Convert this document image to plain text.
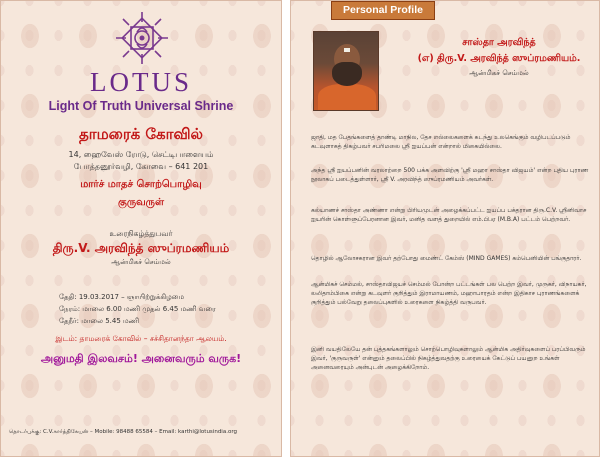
LOTUS
Light Of Truth Universal Shrine
தாமரைக் கோவில்
14, ஹைவேஸ் ரோடு, செட்டிபாளையம்
போத்தனூர்வழி, கோவை – 641 201
மார்ச் மாதச் சொற்பொழிவு
குருவருள்
உரைநிகழ்த்துபவர்
திரு.V. அரவிந்த் ஸுப்ரமணியம்
ஆன்மிகச் செம்மல்
தேதி: 19.03.2017 – ஞாயிற்றுக்கிழமை
நேரம்: மாலை 6.00 மணி முதல் 6.45 மணி வரை
தேநீர்: மாலை 5.45 மணி
இடம்: தாமரைக் கோவில் – சச்சிதானந்தா ஆலயம்.
அனுமதி இலவசம்! அனைவரும் வருக!
தொடர்புக்கு: C.V.கார்த்திகேயன் – Mobile: 98488 65584 – Email: karthi@lotusindia.org
Personal Profile
சாஸ்தா அரவிந்த்
(எ) திரு.V. அரவிந்த் ஸுப்ரமணியம்.
ஆன்மிகச் செம்மல்
ஜாதி, மத பேதங்களைத் தாண்டி மாநில, தேச எல்லைகளைக் கடந்து உலகெங்கும் வழிபடப்படும் கடவுளாகத் திகழ்பவர் சபரிமலை ஸ்ரீ ஐயப்பன் என்றால் மிகையில்லை.
அந்த ஸ்ரீ ஐயப்பனின் வரலாற்றை 500 பக்க அளவிற்கு 'ஸ்ரீ மஹா சாஸ்தா விஜயம்' என்ற புதிய புராண நூலாகப் படைத்துள்ளார், ஸ்ரீ V. அரவிந்த் ஸுப்ரமணியம் அவர்கள்.
கல்யாணச் சாஸ்தா அண்ணா என்று பிரியமுடன் அழைக்கப்பட்ட ஐயப்ப பக்தரான திரு.C.V. ஸ்ரீனிவாச ஐயரின் கொள்ளுப்பேரனான இவர், மனித வளத் துறையில் எம்.பி.ஏ (M.B.A) பட்டம் பெற்றவர்.
தொழில் ஆலோசகரான இவர் தற்போது மைண்ட் கேம்ஸ் (MIND GAMES) கம்பெனியின் பங்குதாரர்.
ஆன்மிகச் செம்மல், சாஸ்தாவிஜயச் செம்மல் போன்ற பட்டங்கள் பல பெற்ற இவர், முருகர், விநாயகர், லலிதாம்பிகை என்று கடவுளர் குறித்தும் இராமாயணம், மஹாபாரதம் என்ற இதிகாச புராணங்களைக் குறித்தும் பல்வேறு தலைப்புகளில் உரைகளை நிகழ்த்தி வருபவர்.
இனி வயதிலேயே தன் புத்தகங்களாலும் சொற்பொழிவுகளாலும் ஆன்மிக அதிர்வுகளைப் பரப்பிவரும் இவர், 'குருவருள்' என்னும் தலைப்பில் நிகழ்த்துவதற்கு உரையைக் கேட்டுப் பயனுற உங்கள் அனைவரையும் அன்புடன் அழைக்கிறோம்.
